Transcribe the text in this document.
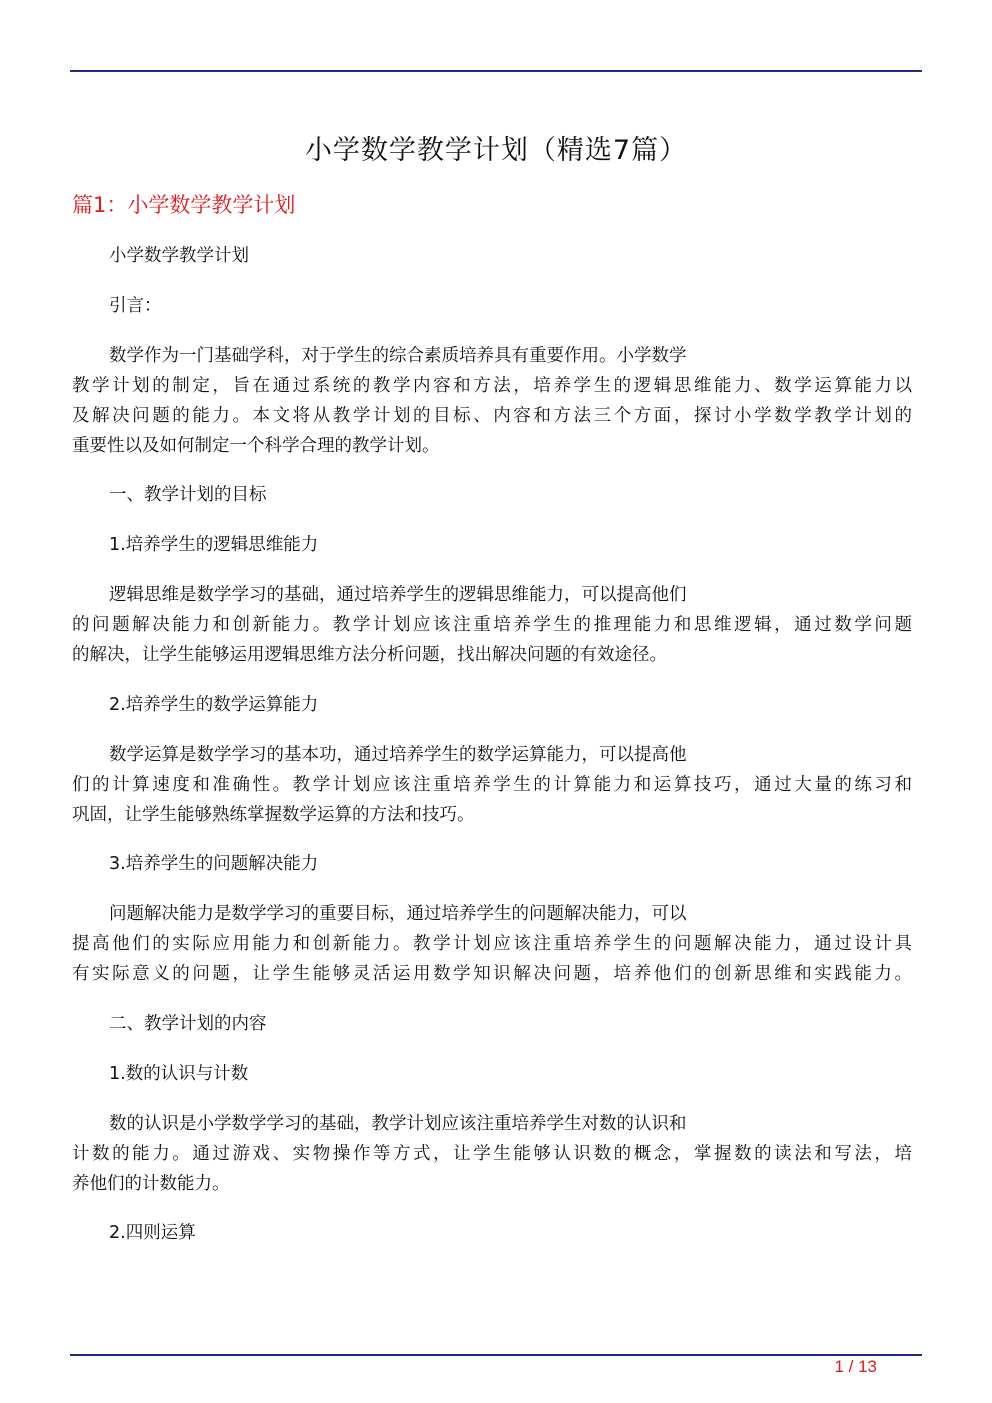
小学数学教学计划（精选7篇）
篇1：小学数学教学计划
小学数学教学计划
引言：
数学作为一门基础学科，对于学生的综合素质培养具有重要作用。小学数学
教学计划的制定，旨在通过系统的教学内容和方法，培养学生的逻辑思维能力、数学运算能力以
及解决问题的能力。本文将从教学计划的目标、内容和方法三个方面，探讨小学数学教学计划的
重要性以及如何制定一个科学合理的教学计划。
一、教学计划的目标
1.培养学生的逻辑思维能力
逻辑思维是数学学习的基础，通过培养学生的逻辑思维能力，可以提高他们
的问题解决能力和创新能力。教学计划应该注重培养学生的推理能力和思维逻辑，通过数学问题
的解决，让学生能够运用逻辑思维方法分析问题，找出解决问题的有效途径。
2.培养学生的数学运算能力
数学运算是数学学习的基本功，通过培养学生的数学运算能力，可以提高他
们的计算速度和准确性。教学计划应该注重培养学生的计算能力和运算技巧，通过大量的练习和
巩固，让学生能够熟练掌握数学运算的方法和技巧。
3.培养学生的问题解决能力
问题解决能力是数学学习的重要目标，通过培养学生的问题解决能力，可以
提高他们的实际应用能力和创新能力。教学计划应该注重培养学生的问题解决能力，通过设计具
有实际意义的问题，让学生能够灵活运用数学知识解决问题，培养他们的创新思维和实践能力。
二、教学计划的内容
1.数的认识与计数
数的认识是小学数学学习的基础，教学计划应该注重培养学生对数的认识和
计数的能力。通过游戏、实物操作等方式，让学生能够认识数的概念，掌握数的读法和写法，培
养他们的计数能力。
2.四则运算
1 / 13
